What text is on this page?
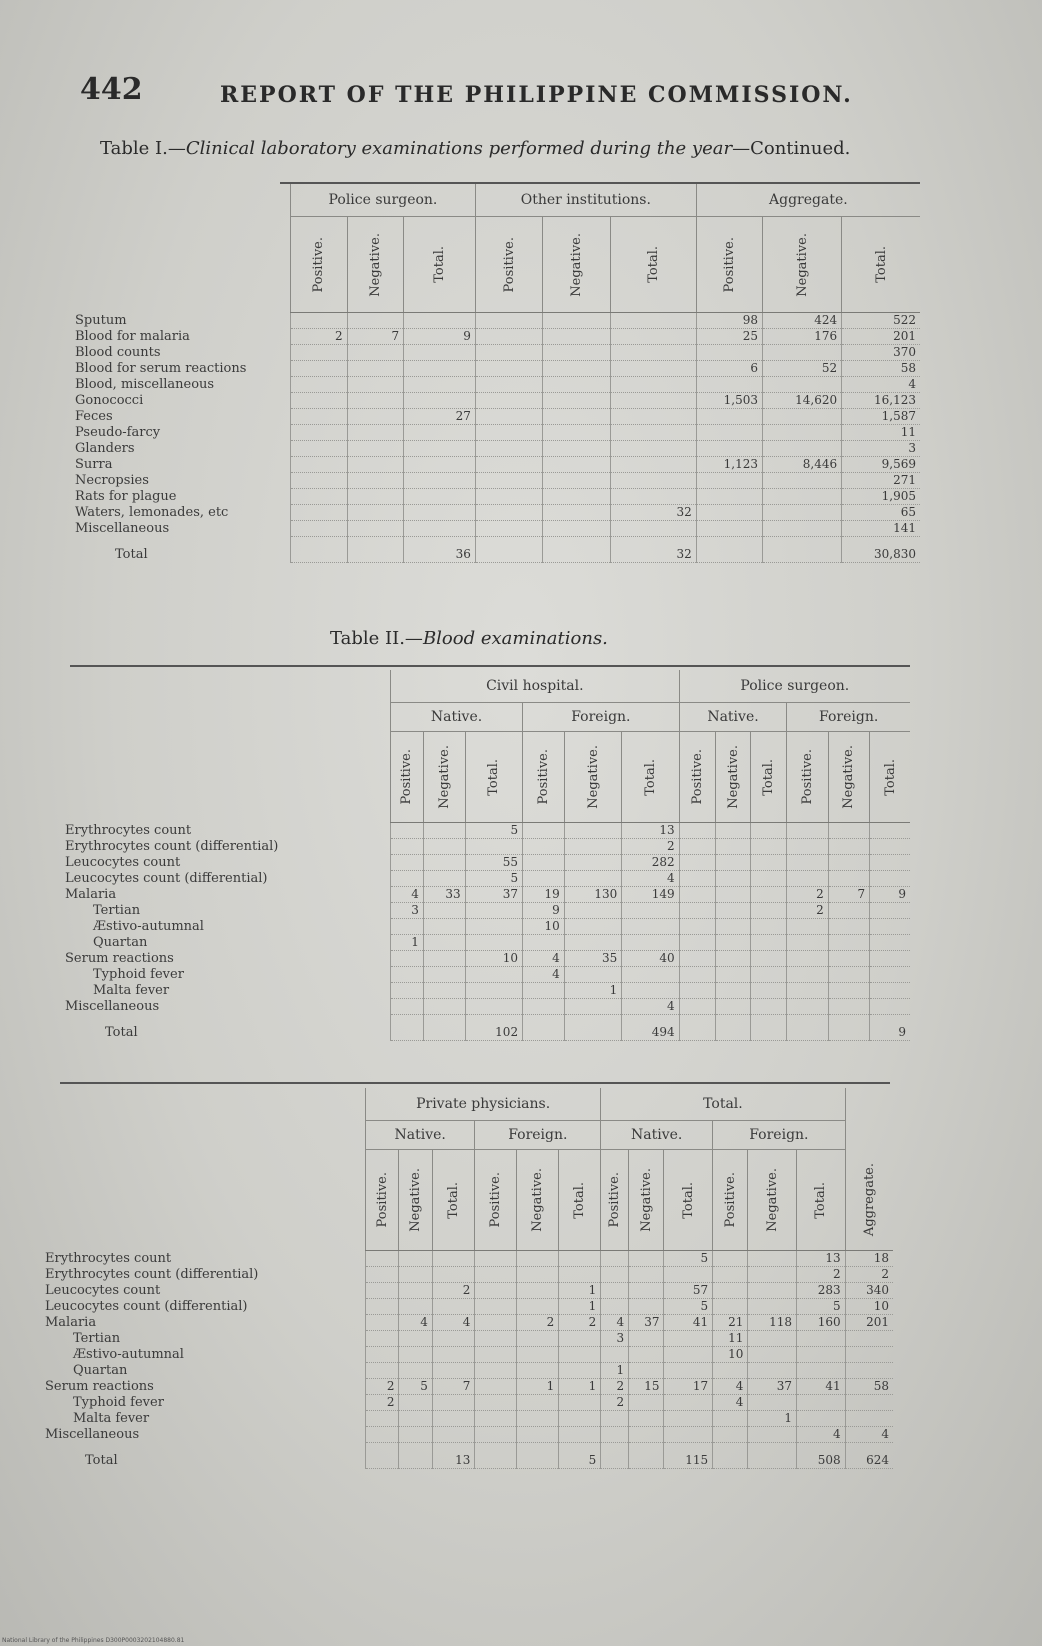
442	REPORT OF THE PHILIPPINE COMMISSION.
Table I.—Clinical laboratory examinations performed during the year—Continued.
	Police surgeon.			Other institutions.			Aggregate.		

	Positive.	Negative.	Total.	Positive.	Negative.	Total.	Positive.	Negative.	Total.

Sputum							98	424	522
Blood for malaria	2	7	9				25	176	201
Blood counts									370
Blood for serum reactions							6	52	58
Blood, miscellaneous									4
Gonococci							1,503	14,620	16,123
Feces			27						1,587
Pseudo-farcy									11
Glanders									3
Surra							1,123	8,446	9,569
Necropsies									271
Rats for plague									1,905
Waters, lemonades, etc						32			65
Miscellaneous									141
Total			36			32			30,830
Table II.—Blood examinations.
	Civil hospital.						Police surgeon.					
	Native.			Foreign.			Native.			Foreign.		

	Positive.	Negative.	Total.	Positive.	Negative.	Total.	Positive.	Negative.	Total.	Positive.	Negative.	Total.

Erythrocytes count			5			13						
Erythrocytes count (differential)						2						
Leucocytes count			55			282						
Leucocytes count (differential)			5			4						
Malaria	4	33	37	19	130	149				2	7	9
Tertian	3			9						2		
Æstivo-autumnal				10								
Quartan	1											
Serum reactions			10	4	35	40						
Typhoid fever				4								
Malta fever					1							
Miscellaneous						4						
Total			102			494						9
	Private physicians.						Total.						
	Native.			Foreign.			Native.			Foreign.			

	Positive.	Negative.	Total.	Positive.	Negative.	Total.	Positive.	Negative.	Total.	Positive.	Negative.	Total.	Aggregate.

Erythrocytes count									5			13	18
Erythrocytes count (differential)												2	2
Leucocytes count			2			1			57			283	340
Leucocytes count (differential)						1			5			5	10
Malaria		4	4		2	2	4	37	41	21	118	160	201
Tertian							3			11			
Æstivo-autumnal										10			
Quartan							1						
Serum reactions	2	5	7		1	1	2	15	17	4	37	41	58
Typhoid fever	2						2			4			
Malta fever											1		
Miscellaneous												4	4
Total			13			5			115			508	624
National Library of the Philippines D300P0003202104880.81
